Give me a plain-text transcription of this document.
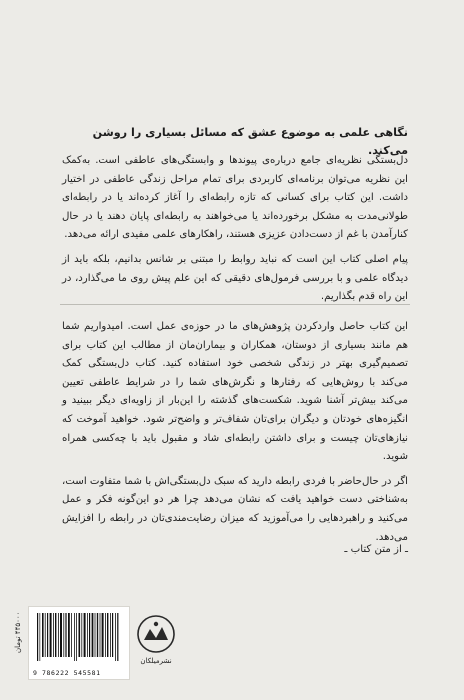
نگاهی علمی به موضوع عشق که مسائل بسیاری را روشن می‌کند.

دل‌بستگی نظریه‌ای جامع درباره‌ی پیوندها و وابستگی‌های عاطفی است. به‌کمک این نظریه می‌توان برنامه‌ای کاربردی برای تمام مراحل زندگی عاطفی در اختیار داشت. این کتاب برای کسانی که تازه رابطه‌ای را آغاز کرده‌اند یا در رابطه‌ای طولانی‌مدت به مشکل برخورده‌اند یا می‌خواهند به رابطه‌ای پایان دهند یا در حال کنارآمدن با غم از دست‌دادن عزیزی هستند، راهکارهای علمی مفیدی ارائه می‌دهد.

پیام اصلی کتاب این است که نباید روابط را مبتنی بر شانس بدانیم، بلکه باید از دیدگاه علمی و با بررسی فرمول‌های دقیقی که این علم پیش روی ما می‌گذارد، در این راه قدم بگذاریم.

این کتاب حاصل واردکردن پژوهش‌های ما در حوزه‌ی عمل است. امیدواریم شما هم مانند بسیاری از دوستان، همکاران و بیماران‌مان از مطالب این کتاب برای تصمیم‌گیری بهتر در زندگی شخصی خود استفاده کنید. کتاب دل‌بستگی کمک می‌کند با روش‌هایی که رفتارها و نگرش‌های شما را در شرایط عاطفی تعیین می‌کند بیش‌تر آشنا شوید. شکست‌های گذشته را این‌بار از زاویه‌ای دیگر ببینید و انگیزه‌های خودتان و دیگران برای‌تان شفاف‌تر و واضح‌تر شود. خواهید آموخت که نیازهای‌تان چیست و برای داشتن رابطه‌ای شاد و مقبول باید با چه‌کسی همراه شوید.

اگر در حال‌حاضر با فردی رابطه دارید که سبک دل‌بستگی‌اش با شما متفاوت است، به‌شناختی دست خواهید یافت که نشان می‌دهد چرا هر دو این‌گونه فکر و عمل می‌کنید و راهبردهایی را می‌آموزید که میزان رضایت‌مندی‌تان در رابطه را افزایش می‌دهد.

ـ از متن کتاب ـ
۴۴۵۰۰۰ تومان
9 786222 545581
نشرمیلکان
